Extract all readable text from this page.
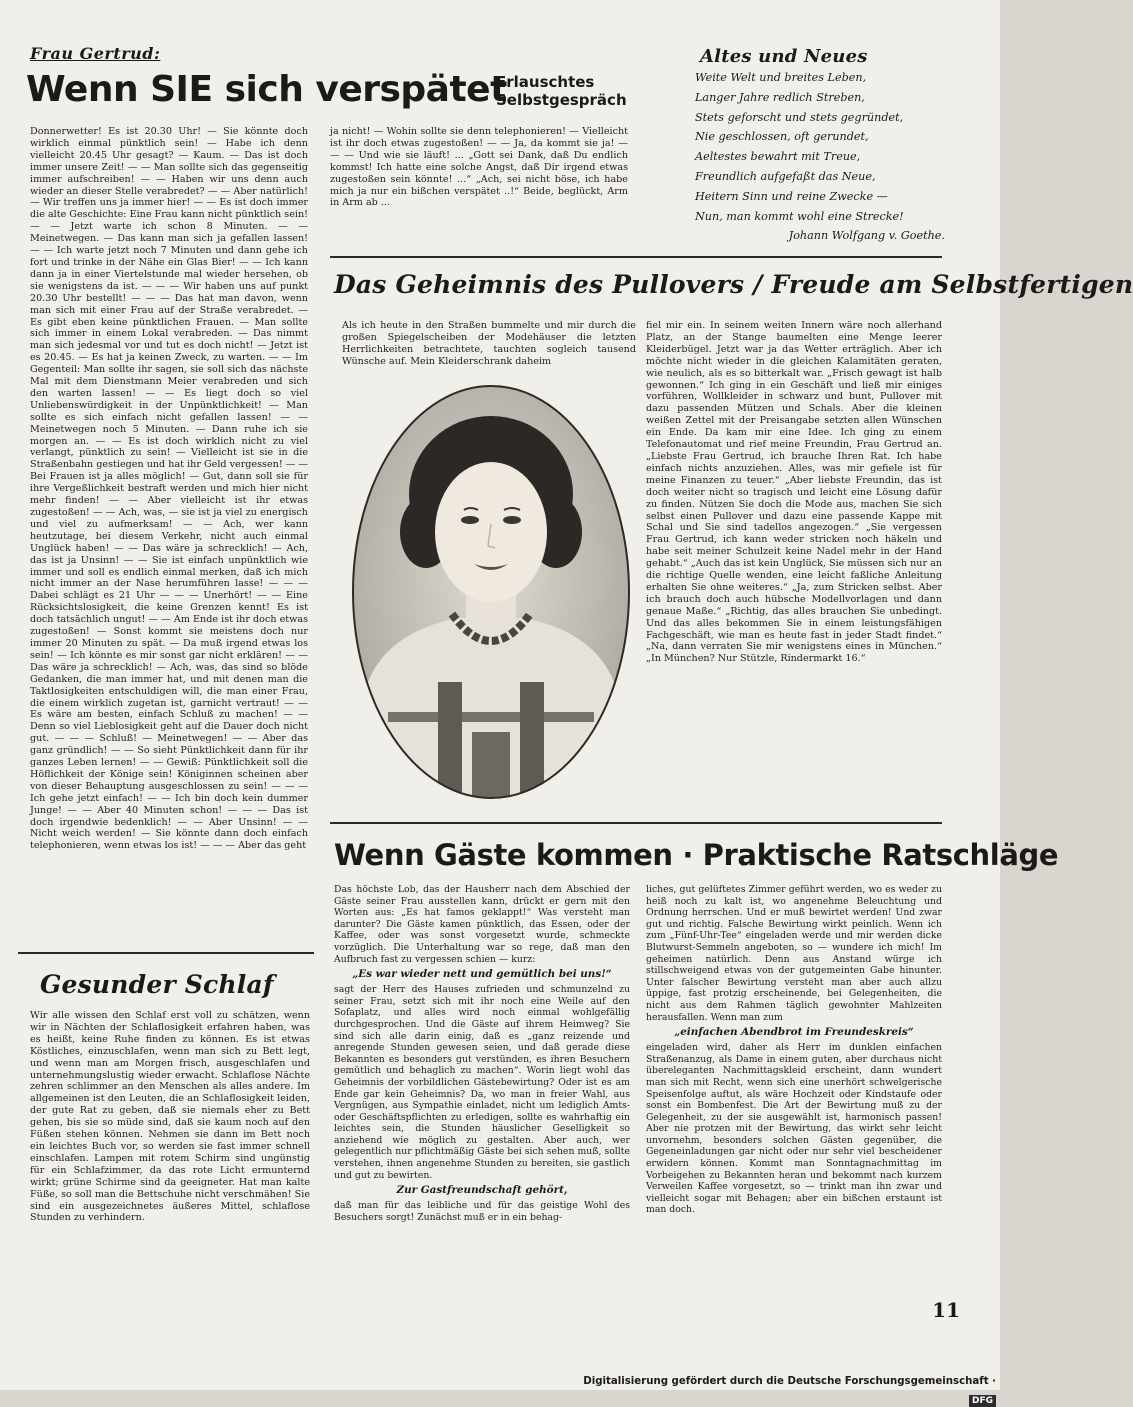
Frau Gertrud:
Wenn SIE sich verspätet
Erlauschtes
Selbstgespräch

Donnerwetter! Es ist 20.30 Uhr! — Sie könnte doch wirklich einmal pünktlich sein! — Habe ich denn vielleicht 20.45 Uhr gesagt? — Kaum. — Das ist doch immer unsere Zeit! — — Man sollte sich das gegenseitig immer aufschreiben! — — Haben wir uns denn auch wieder an dieser Stelle verabredet? — — Aber natürlich! — Wir treffen uns ja immer hier! — — Es ist doch immer die alte Geschichte: Eine Frau kann nicht pünktlich sein! — — Jetzt warte ich schon 8 Minuten. — — Meinetwegen. — Das kann man sich ja gefallen lassen! — — Ich warte jetzt noch 7 Minuten und dann gehe ich fort und trinke in der Nähe ein Glas Bier! — — Ich kann dann ja in einer Viertelstunde mal wieder hersehen, ob sie wenigstens da ist. — — — Wir haben uns auf punkt 20.30 Uhr bestellt! — — — Das hat man davon, wenn man sich mit einer Frau auf der Straße verabredet. — Es gibt eben keine pünktlichen Frauen. — Man sollte sich immer in einem Lokal verabreden. — Das nimmt man sich jedesmal vor und tut es doch nicht! — Jetzt ist es 20.45. — Es hat ja keinen Zweck, zu warten. — — Im Gegenteil: Man sollte ihr sagen, sie soll sich das nächste Mal mit dem Dienstmann Meier verabreden und sich den warten lassen! — — Es liegt doch so viel Unliebenswürdigkeit in der Unpünktlichkeit! — Man sollte es sich einfach nicht gefallen lassen! — — Meinetwegen noch 5 Minuten. — Dann ruhe ich sie morgen an. — — Es ist doch wirklich nicht zu viel verlangt, pünktlich zu sein! — Vielleicht ist sie in die Straßenbahn gestiegen und hat ihr Geld vergessen! — — Bei Frauen ist ja alles möglich! — Gut, dann soll sie für ihre Vergeßlichkeit bestraft werden und mich hier nicht mehr finden! — — Aber vielleicht ist ihr etwas zugestoßen! — — Ach, was, — sie ist ja viel zu energisch und viel zu aufmerksam! — — Ach, wer kann heutzutage, bei diesem Verkehr, nicht auch einmal Unglück haben! — — Das wäre ja schrecklich! — Ach, das ist ja Unsinn! — — Sie ist einfach unpünktlich wie immer und soll es endlich einmal merken, daß ich mich nicht immer an der Nase herumführen lasse! — — — Dabei schlägt es 21 Uhr — — — Unerhört! — — Eine Rücksichtslosigkeit, die keine Grenzen kennt! Es ist doch tatsächlich ungut! — — Am Ende ist ihr doch etwas zugestoßen! — Sonst kommt sie meistens doch nur immer 20 Minuten zu spät. — Da muß irgend etwas los sein! — Ich könnte es mir sonst gar nicht erklären! — — Das wäre ja schrecklich! — Ach, was, das sind so blöde Gedanken, die man immer hat, und mit denen man die Taktlosigkeiten entschuldigen will, die man einer Frau, die einem wirklich zugetan ist, garnicht vertraut! — — Es wäre am besten, einfach Schluß zu machen! — — Denn so viel Lieblosigkeit geht auf die Dauer doch nicht gut. — — — Schluß! — Meinetwegen! — — Aber das ganz gründlich! — — So sieht Pünktlichkeit dann für ihr ganzes Leben lernen! — — Gewiß: Pünktlichkeit soll die Höflichkeit der Könige sein! Königinnen scheinen aber von dieser Behauptung ausgeschlossen zu sein! — — — Ich gehe jetzt einfach! — — Ich bin doch kein dummer Junge! — — Aber 40 Minuten schon! — — — Das ist doch irgendwie bedenklich! — — Aber Unsinn! — — Nicht weich werden! — Sie könnte dann doch einfach telephonieren, wenn etwas los ist! — — — Aber das geht

ja nicht! — Wohin sollte sie denn telephonieren! — Vielleicht ist ihr doch etwas zugestoßen! — — Ja, da kommt sie ja! — — — Und wie sie läuft! ... „Gott sei Dank, daß Du endlich kommst! Ich hatte eine solche Angst, daß Dir irgend etwas zugestoßen sein könnte! ...“ „Ach, sei nicht böse, ich habe mich ja nur ein bißchen verspätet ..!“ Beide, beglückt, Arm in Arm ab ...

Altes und Neues
Weite Welt und breites Leben,
Langer Jahre redlich Streben,
Stets geforscht und stets gegründet,
Nie geschlossen, oft gerundet,
Aeltestes bewahrt mit Treue,
Freundlich aufgefaßt das Neue,
Heitern Sinn und reine Zwecke —
Nun, man kommt wohl eine Strecke!
Johann Wolfgang v. Goethe.
Das Geheimnis des Pullovers / Freude am Selbstfertigen

Als ich heute in den Straßen bummelte und mir durch die großen Spiegelscheiben der Modehäuser die letzten Herrlichkeiten betrachtete, tauchten sogleich tausend Wünsche auf. Mein Kleiderschrank daheim

fiel mir ein. In seinem weiten Innern wäre noch allerhand Platz, an der Stange baumelten eine Menge leerer Kleiderbügel. Jetzt war ja das Wetter erträglich. Aber ich möchte nicht wieder in die gleichen Kalamitäten geraten, wie neulich, als es so bitterkalt war. „Frisch gewagt ist halb gewonnen.“ Ich ging in ein Geschäft und ließ mir einiges vorführen, Wollkleider in schwarz und bunt, Pullover mit dazu passenden Mützen und Schals. Aber die kleinen weißen Zettel mit der Preisangabe setzten allen Wünschen ein Ende. Da kam mir eine Idee. Ich ging zu einem Telefonautomat und rief meine Freundin, Frau Gertrud an. „Liebste Frau Gertrud, ich brauche Ihren Rat. Ich habe einfach nichts anzuziehen. Alles, was mir gefiele ist für meine Finanzen zu teuer.“ „Aber liebste Freundin, das ist doch weiter nicht so tragisch und leicht eine Lösung dafür zu finden. Nützen Sie doch die Mode aus, machen Sie sich selbst einen Pullover und dazu eine passende Kappe mit Schal und Sie sind tadellos angezogen.“ „Sie vergessen Frau Gertrud, ich kann weder stricken noch häkeln und habe seit meiner Schulzeit keine Nadel mehr in der Hand gehabt.“ „Auch das ist kein Unglück, Sie müssen sich nur an die richtige Quelle wenden, eine leicht faßliche Anleitung erhalten Sie ohne weiteres.“ „Ja, zum Stricken selbst. Aber ich brauch doch auch hübsche Modellvorlagen und dann genaue Maße.“ „Richtig, das alles brauchen Sie unbedingt. Und das alles bekommen Sie in einem leistungsfähigen Fachgeschäft, wie man es heute fast in jeder Stadt findet.“ „Na, dann verraten Sie mir wenigstens eines in München.“ „In München? Nur Stützle, Rindermarkt 16.“

Gesunder Schlaf

Wir alle wissen den Schlaf erst voll zu schätzen, wenn wir in Nächten der Schlaflosigkeit erfahren haben, was es heißt, keine Ruhe finden zu können. Es ist etwas Köstliches, einzuschlafen, wenn man sich zu Bett legt, und wenn man am Morgen frisch, ausgeschlafen und unternehmungslustig wieder erwacht. Schlaflose Nächte zehren schlimmer an den Menschen als alles andere. Im allgemeinen ist den Leuten, die an Schlaflosigkeit leiden, der gute Rat zu geben, daß sie niemals eher zu Bett gehen, bis sie so müde sind, daß sie kaum noch auf den Füßen stehen können. Nehmen sie dann im Bett noch ein leichtes Buch vor, so werden sie fast immer schnell einschlafen. Lampen mit rotem Schirm sind ungünstig für ein Schlafzimmer, da das rote Licht ermunternd wirkt; grüne Schirme sind da geeigneter. Hat man kalte Füße, so soll man die Bettschuhe nicht verschmähen! Sie sind ein ausgezeichnetes äußeres Mittel, schlaflose Stunden zu verhindern.

Wenn Gäste kommen · Praktische Ratschläge

Das höchste Lob, das der Hausherr nach dem Abschied der Gäste seiner Frau ausstellen kann, drückt er gern mit den Worten aus: „Es hat famos geklappt!“ Was versteht man darunter? Die Gäste kamen pünktlich, das Essen, oder der Kaffee, oder was sonst vorgesetzt wurde, schmeckte vorzüglich. Die Unterhaltung war so rege, daß man den Aufbruch fast zu vergessen schien — kurz:

„Es war wieder nett und gemütlich bei uns!“

sagt der Herr des Hauses zufrieden und schmunzelnd zu seiner Frau, setzt sich mit ihr noch eine Weile auf den Sofaplatz, und alles wird noch einmal wohlgefällig durchgesprochen. Und die Gäste auf ihrem Heimweg? Sie sind sich alle darin einig, daß es „ganz reizende und anregende Stunden gewesen seien, und daß gerade diese Bekannten es besonders gut verstünden, es ihren Besuchern gemütlich und behaglich zu machen“. Worin liegt wohl das Geheimnis der vorbildlichen Gästebewirtung? Oder ist es am Ende gar kein Geheimnis? Da, wo man in freier Wahl, aus Vergnügen, aus Sympathie einladet, nicht um lediglich Amts- oder Geschäftspflichten zu erledigen, sollte es wahrhaftig ein leichtes sein, die Stunden häuslicher Geselligkeit so anziehend wie möglich zu gestalten. Aber auch, wer gelegentlich nur pflichtmäßig Gäste bei sich sehen muß, sollte verstehen, ihnen angenehme Stunden zu bereiten, sie gastlich und gut zu bewirten.

Zur Gastfreundschaft gehört,

daß man für das leibliche und für das geistige Wohl des Besuchers sorgt! Zunächst muß er in ein behag-

liches, gut gelüftetes Zimmer geführt werden, wo es weder zu heiß noch zu kalt ist, wo angenehme Beleuchtung und Ordnung herrschen. Und er muß bewirtet werden! Und zwar gut und richtig. Falsche Bewirtung wirkt peinlich. Wenn ich zum „Fünf-Uhr-Tee“ eingeladen werde und mir werden dicke Blutwurst-Semmeln angeboten, so — wundere ich mich! Im geheimen natürlich. Denn aus Anstand würge ich stillschweigend etwas von der gutgemeinten Gabe hinunter. Unter falscher Bewirtung versteht man aber auch allzu üppige, fast protzig erscheinende, bei Gelegenheiten, die nicht aus dem Rahmen täglich gewohnter Mahlzeiten herausfallen. Wenn man zum

„einfachen Abendbrot im Freundeskreis“

eingeladen wird, daher als Herr im dunklen einfachen Straßenanzug, als Dame in einem guten, aber durchaus nicht übereleganten Nachmittagskleid erscheint, dann wundert man sich mit Recht, wenn sich eine unerhört schwelgerische Speisenfolge auftut, als wäre Hochzeit oder Kindstaufe oder sonst ein Bombenfest. Die Art der Bewirtung muß zu der Gelegenheit, zu der sie ausgewählt ist, harmonisch passen! Aber nie protzen mit der Bewirtung, das wirkt sehr leicht unvornehm, besonders solchen Gästen gegenüber, die Gegeneinladungen gar nicht oder nur sehr viel bescheidener erwidern können. Kommt man Sonntagnachmittag im Vorbeigehen zu Bekannten heran und bekommt nach kurzem Verweilen Kaffee vorgesetzt, so — trinkt man ihn zwar und vielleicht sogar mit Behagen; aber ein bißchen erstaunt ist man doch.

11
Digitalisierung gefördert durch die Deutsche Forschungsgemeinschaft ·DFG
